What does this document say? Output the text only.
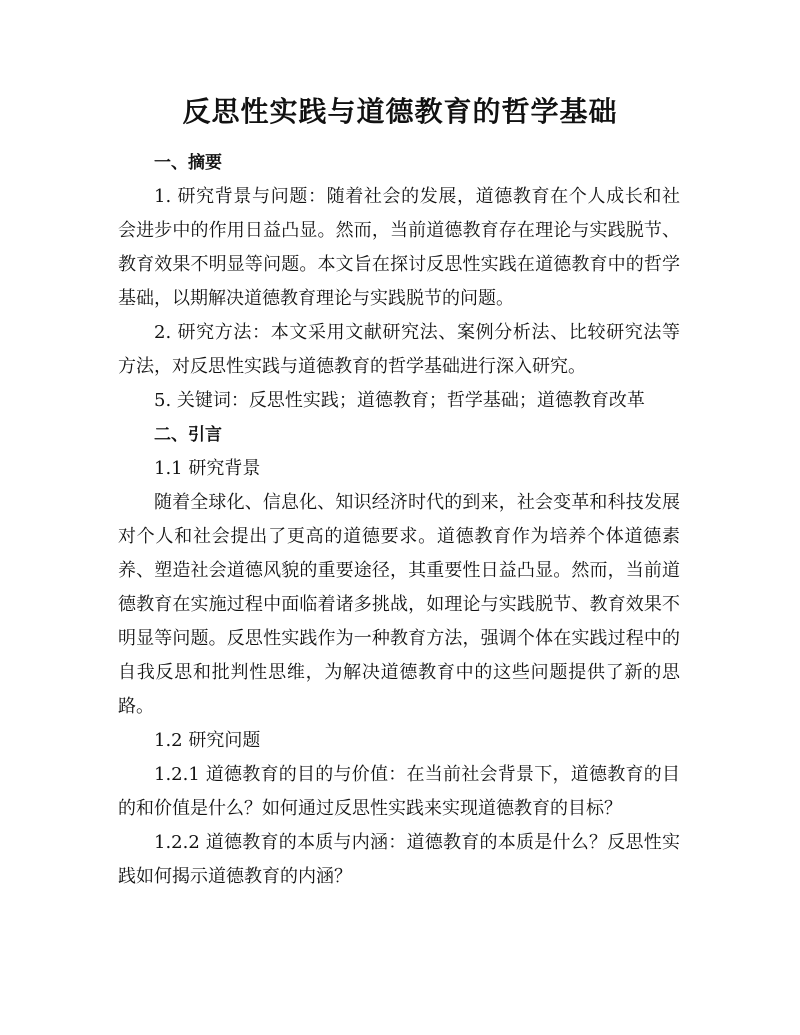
反思性实践与道德教育的哲学基础

一、摘要

1. 研究背景与问题：随着社会的发展，道德教育在个人成长和社会进步中的作用日益凸显。然而，当前道德教育存在理论与实践脱节、教育效果不明显等问题。本文旨在探讨反思性实践在道德教育中的哲学基础，以期解决道德教育理论与实践脱节的问题。

2. 研究方法：本文采用文献研究法、案例分析法、比较研究法等方法，对反思性实践与道德教育的哲学基础进行深入研究。

5. 关键词：反思性实践；道德教育；哲学基础；道德教育改革

二、引言

1.1 研究背景

随着全球化、信息化、知识经济时代的到来，社会变革和科技发展对个人和社会提出了更高的道德要求。道德教育作为培养个体道德素养、塑造社会道德风貌的重要途径，其重要性日益凸显。然而，当前道德教育在实施过程中面临着诸多挑战，如理论与实践脱节、教育效果不明显等问题。反思性实践作为一种教育方法，强调个体在实践过程中的自我反思和批判性思维，为解决道德教育中的这些问题提供了新的思路。

1.2 研究问题

1.2.1 道德教育的目的与价值：在当前社会背景下，道德教育的目的和价值是什么？如何通过反思性实践来实现道德教育的目标？

1.2.2 道德教育的本质与内涵：道德教育的本质是什么？反思性实践如何揭示道德教育的内涵？
